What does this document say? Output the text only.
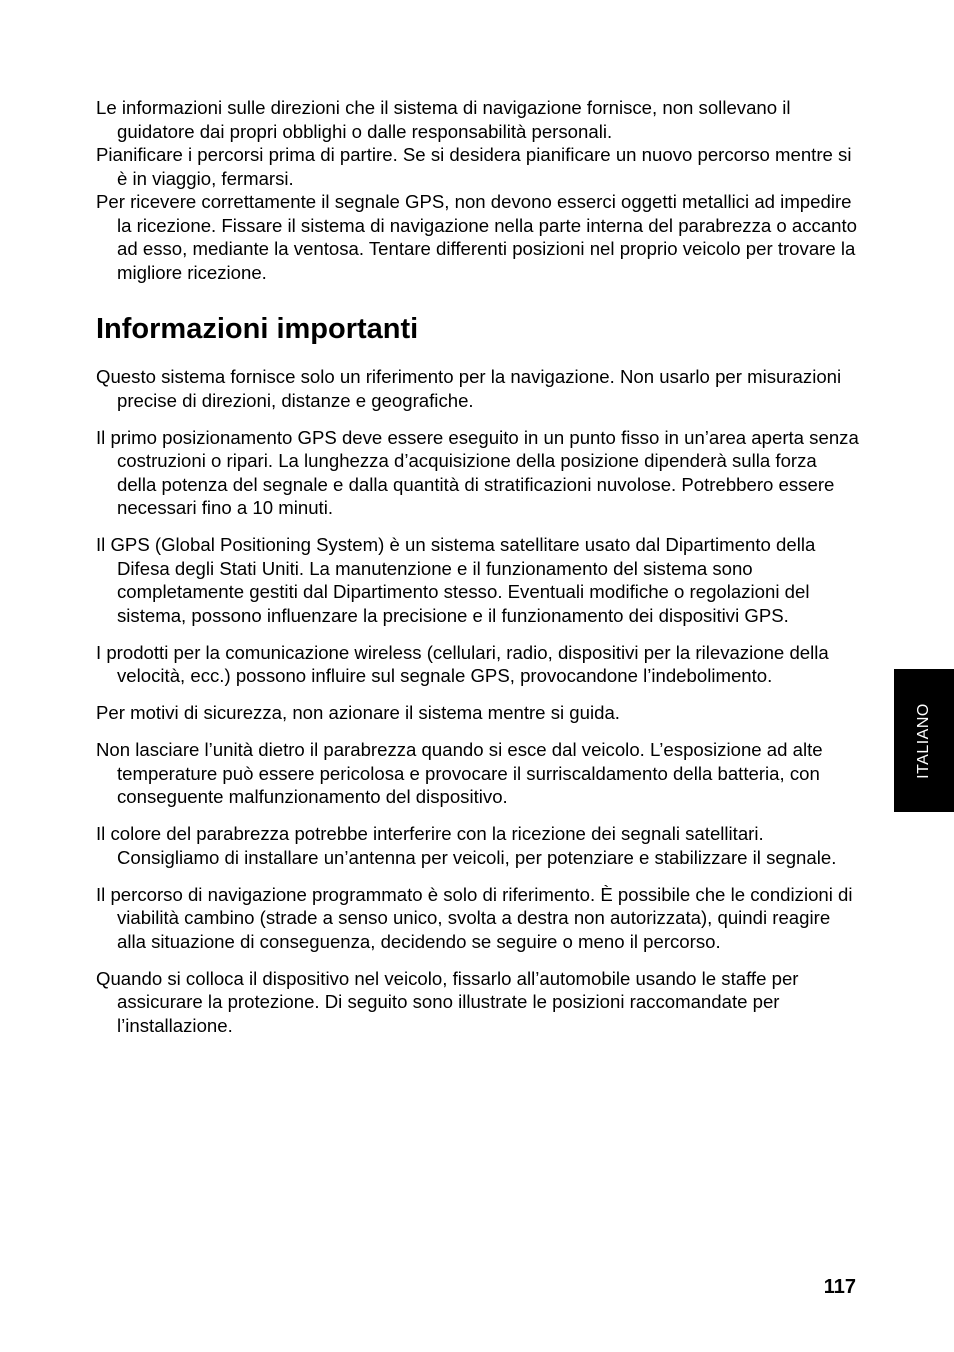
Le informazioni sulle direzioni che il sistema di navigazione fornisce, non sollevano il guidatore dai propri obblighi o dalle responsabilità personali.

Pianificare i percorsi prima di partire. Se si desidera pianificare un nuovo percorso mentre si è in viaggio, fermarsi.

Per ricevere correttamente il segnale GPS, non devono esserci oggetti metallici ad impedire la ricezione. Fissare il sistema di navigazione nella parte interna del parabrezza o accanto ad esso, mediante la ventosa. Tentare differenti posizioni nel proprio veicolo per trovare la migliore ricezione.

Informazioni importanti

Questo sistema fornisce solo un riferimento per la navigazione. Non usarlo per misurazioni precise di direzioni, distanze e geografiche.

Il primo posizionamento GPS deve essere eseguito in un punto fisso in un’area aperta senza costruzioni o ripari. La lunghezza d’acquisizione della posizione dipenderà sulla forza della potenza del segnale e dalla quantità di stratificazioni nuvolose. Potrebbero essere necessari fino a 10 minuti.

Il GPS (Global Positioning System) è un sistema satellitare usato dal Dipartimento della Difesa degli Stati Uniti. La manutenzione e il funzionamento del sistema sono completamente gestiti dal Dipartimento stesso. Eventuali modifiche o regolazioni del sistema, possono influenzare la precisione e il funzionamento dei dispositivi GPS.

I prodotti per la comunicazione wireless (cellulari, radio, dispositivi per la rilevazione della velocità, ecc.) possono influire sul segnale GPS, provocandone l’indebolimento.

Per motivi di sicurezza, non azionare il sistema mentre si guida.

Non lasciare l’unità dietro il parabrezza quando si esce dal veicolo. L’esposizione ad alte temperature può essere pericolosa e provocare il surriscaldamento della batteria, con conseguente malfunzionamento del dispositivo.

Il colore del parabrezza potrebbe interferire con la ricezione dei segnali satellitari. Consigliamo di installare un’antenna per veicoli, per potenziare e stabilizzare il segnale.

Il percorso di navigazione programmato è solo di riferimento. È possibile che le condizioni di viabilità cambino (strade a senso unico, svolta a destra non autorizzata), quindi reagire alla situazione di conseguenza, decidendo se seguire o meno il percorso.

Quando si colloca il dispositivo nel veicolo, fissarlo all’automobile usando le staffe per assicurare la protezione. Di seguito sono illustrate le posizioni raccomandate per l’installazione.

ITALIANO
117
